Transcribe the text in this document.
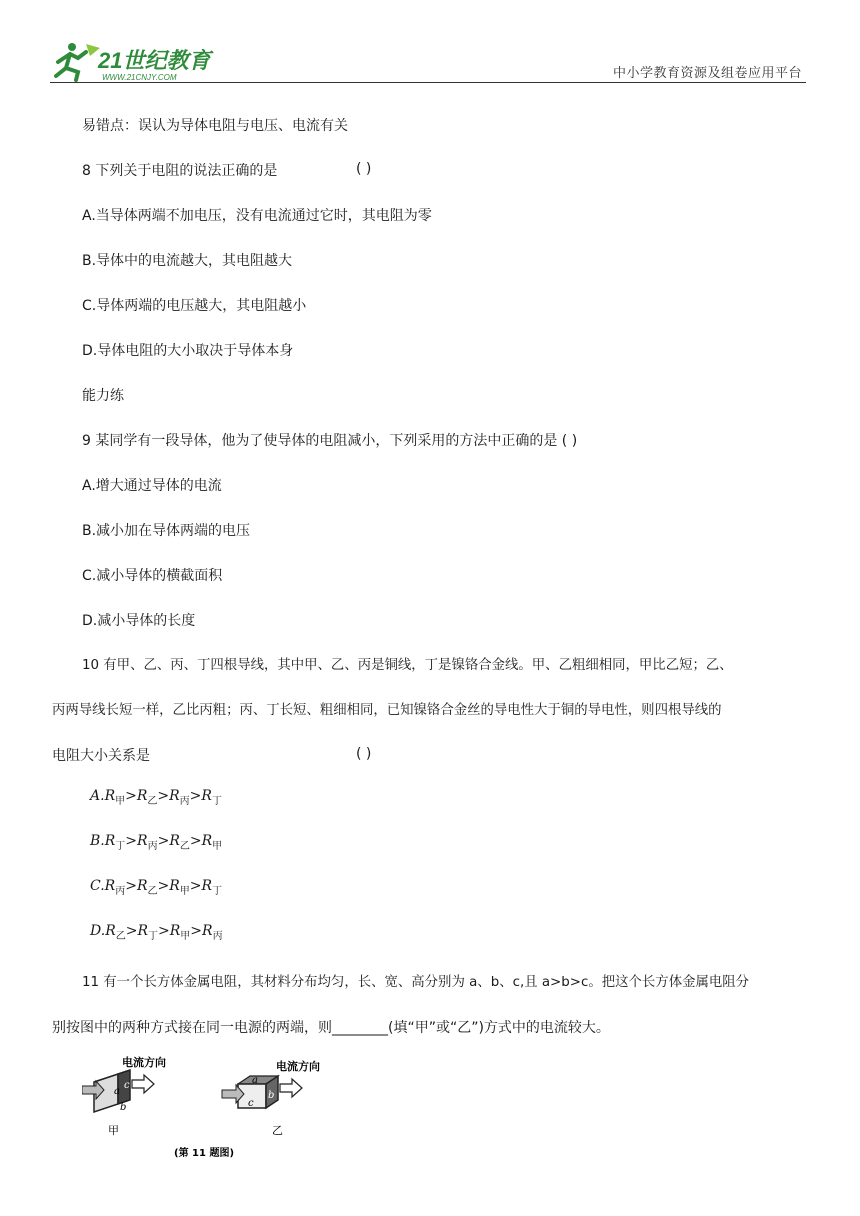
21世纪教育
WWW.21CNJY.COM	中小学教育资源及组卷应用平台
易错点：误认为导体电阻与电压、电流有关
8 下列关于电阻的说法正确的是	( )
A.当导体两端不加电压，没有电流通过它时，其电阻为零
B.导体中的电流越大，其电阻越大
C.导体两端的电压越大，其电阻越小
D.导体电阻的大小取决于导体本身
能力练
9 某同学有一段导体，他为了使导体的电阻减小，下列采用的方法中正确的是 ( )
A.增大通过导体的电流
B.减小加在导体两端的电压
C.减小导体的横截面积
D.减小导体的长度
10 有甲、乙、丙、丁四根导线，其中甲、乙、丙是铜线，丁是镍铬合金线。甲、乙粗细相同，甲比乙短；乙、
丙两导线长短一样，乙比丙粗；丙、丁长短、粗细相同，已知镍铬合金丝的导电性大于铜的导电性，则四根导线的
电阻大小关系是	( )
$A.R_甲>R_乙>R_丙>R_丁$
$B.R_丁>R_丙>R_乙>R_甲$
$C.R_丙>R_乙>R_甲>R_丁$
$D.R_乙>R_丁>R_甲>R_丙$
11 有一个长方体金属电阻，其材料分布均匀，长、宽、高分别为 a、b、c,且 a>b>c。把这个长方体金属电阻分
别按图中的两种方式接在同一电源的两端，则________(填“甲”或“乙”)方式中的电流较大。
a
b
c
电流方向
甲
a
b
c
电流方向
乙
(第 11 题图)
